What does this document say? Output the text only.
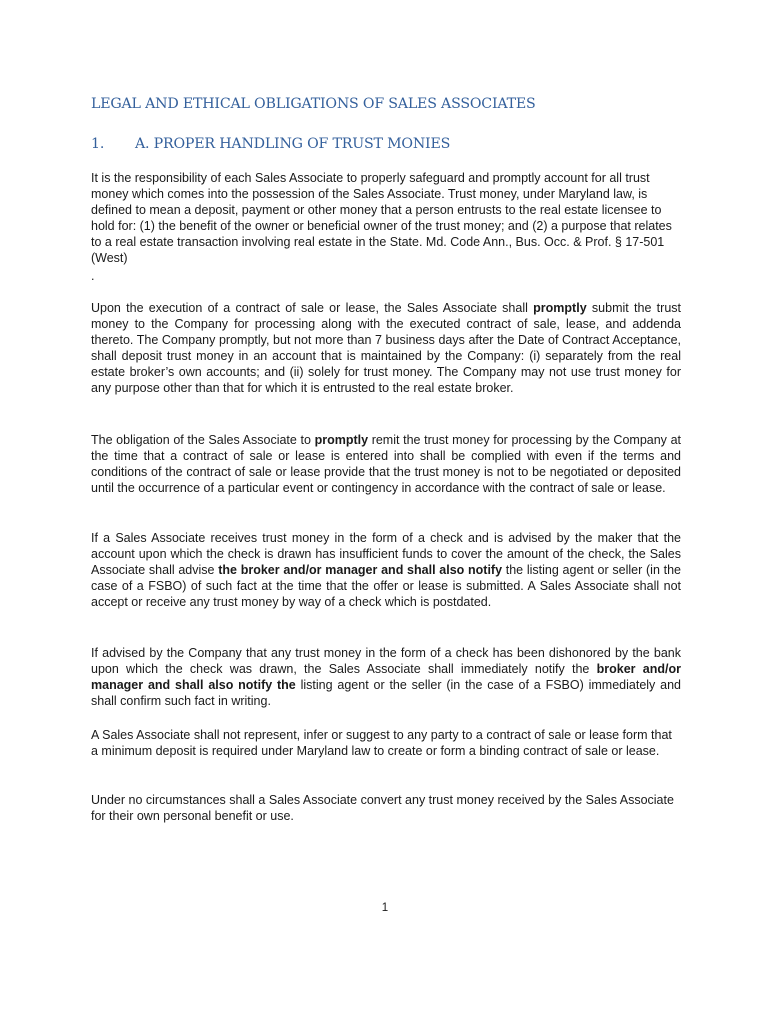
LEGAL AND ETHICAL OBLIGATIONS OF SALES ASSOCIATES
1. A. PROPER HANDLING OF TRUST MONIES

It is the responsibility of each Sales Associate to properly safeguard and promptly account for all trust money which comes into the possession of the Sales Associate. Trust money, under Maryland law, is defined to mean a deposit, payment or other money that a person entrusts to the real estate licensee to hold for: (1) the benefit of the owner or beneficial owner of the trust money; and (2) a purpose that relates to a real estate transaction involving real estate in the State. Md. Code Ann., Bus. Occ. & Prof. § 17-501 (West)

.

Upon the execution of a contract of sale or lease, the Sales Associate shall promptly submit the trust money to the Company for processing along with the executed contract of sale, lease, and addenda thereto. The Company promptly, but not more than 7 business days after the Date of Contract Acceptance, shall deposit trust money in an account that is maintained by the Company: (i) separately from the real estate broker’s own accounts; and (ii) solely for trust money. The Company may not use trust money for any purpose other than that for which it is entrusted to the real estate broker.

The obligation of the Sales Associate to promptly remit the trust money for processing by the Company at the time that a contract of sale or lease is entered into shall be complied with even if the terms and conditions of the contract of sale or lease provide that the trust money is not to be negotiated or deposited until the occurrence of a particular event or contingency in accordance with the contract of sale or lease.

If a Sales Associate receives trust money in the form of a check and is advised by the maker that the account upon which the check is drawn has insufficient funds to cover the amount of the check, the Sales Associate shall advise the broker and/or manager and shall also notify the listing agent or seller (in the case of a FSBO) of such fact at the time that the offer or lease is submitted. A Sales Associate shall not accept or receive any trust money by way of a check which is postdated.

If advised by the Company that any trust money in the form of a check has been dishonored by the bank upon which the check was drawn, the Sales Associate shall immediately notify the broker and/or manager and shall also notify the listing agent or the seller (in the case of a FSBO) immediately and shall confirm such fact in writing.

A Sales Associate shall not represent, infer or suggest to any party to a contract of sale or lease form that a minimum deposit is required under Maryland law to create or form a binding contract of sale or lease.

Under no circumstances shall a Sales Associate convert any trust money received by the Sales Associate for their own personal benefit or use.

1
